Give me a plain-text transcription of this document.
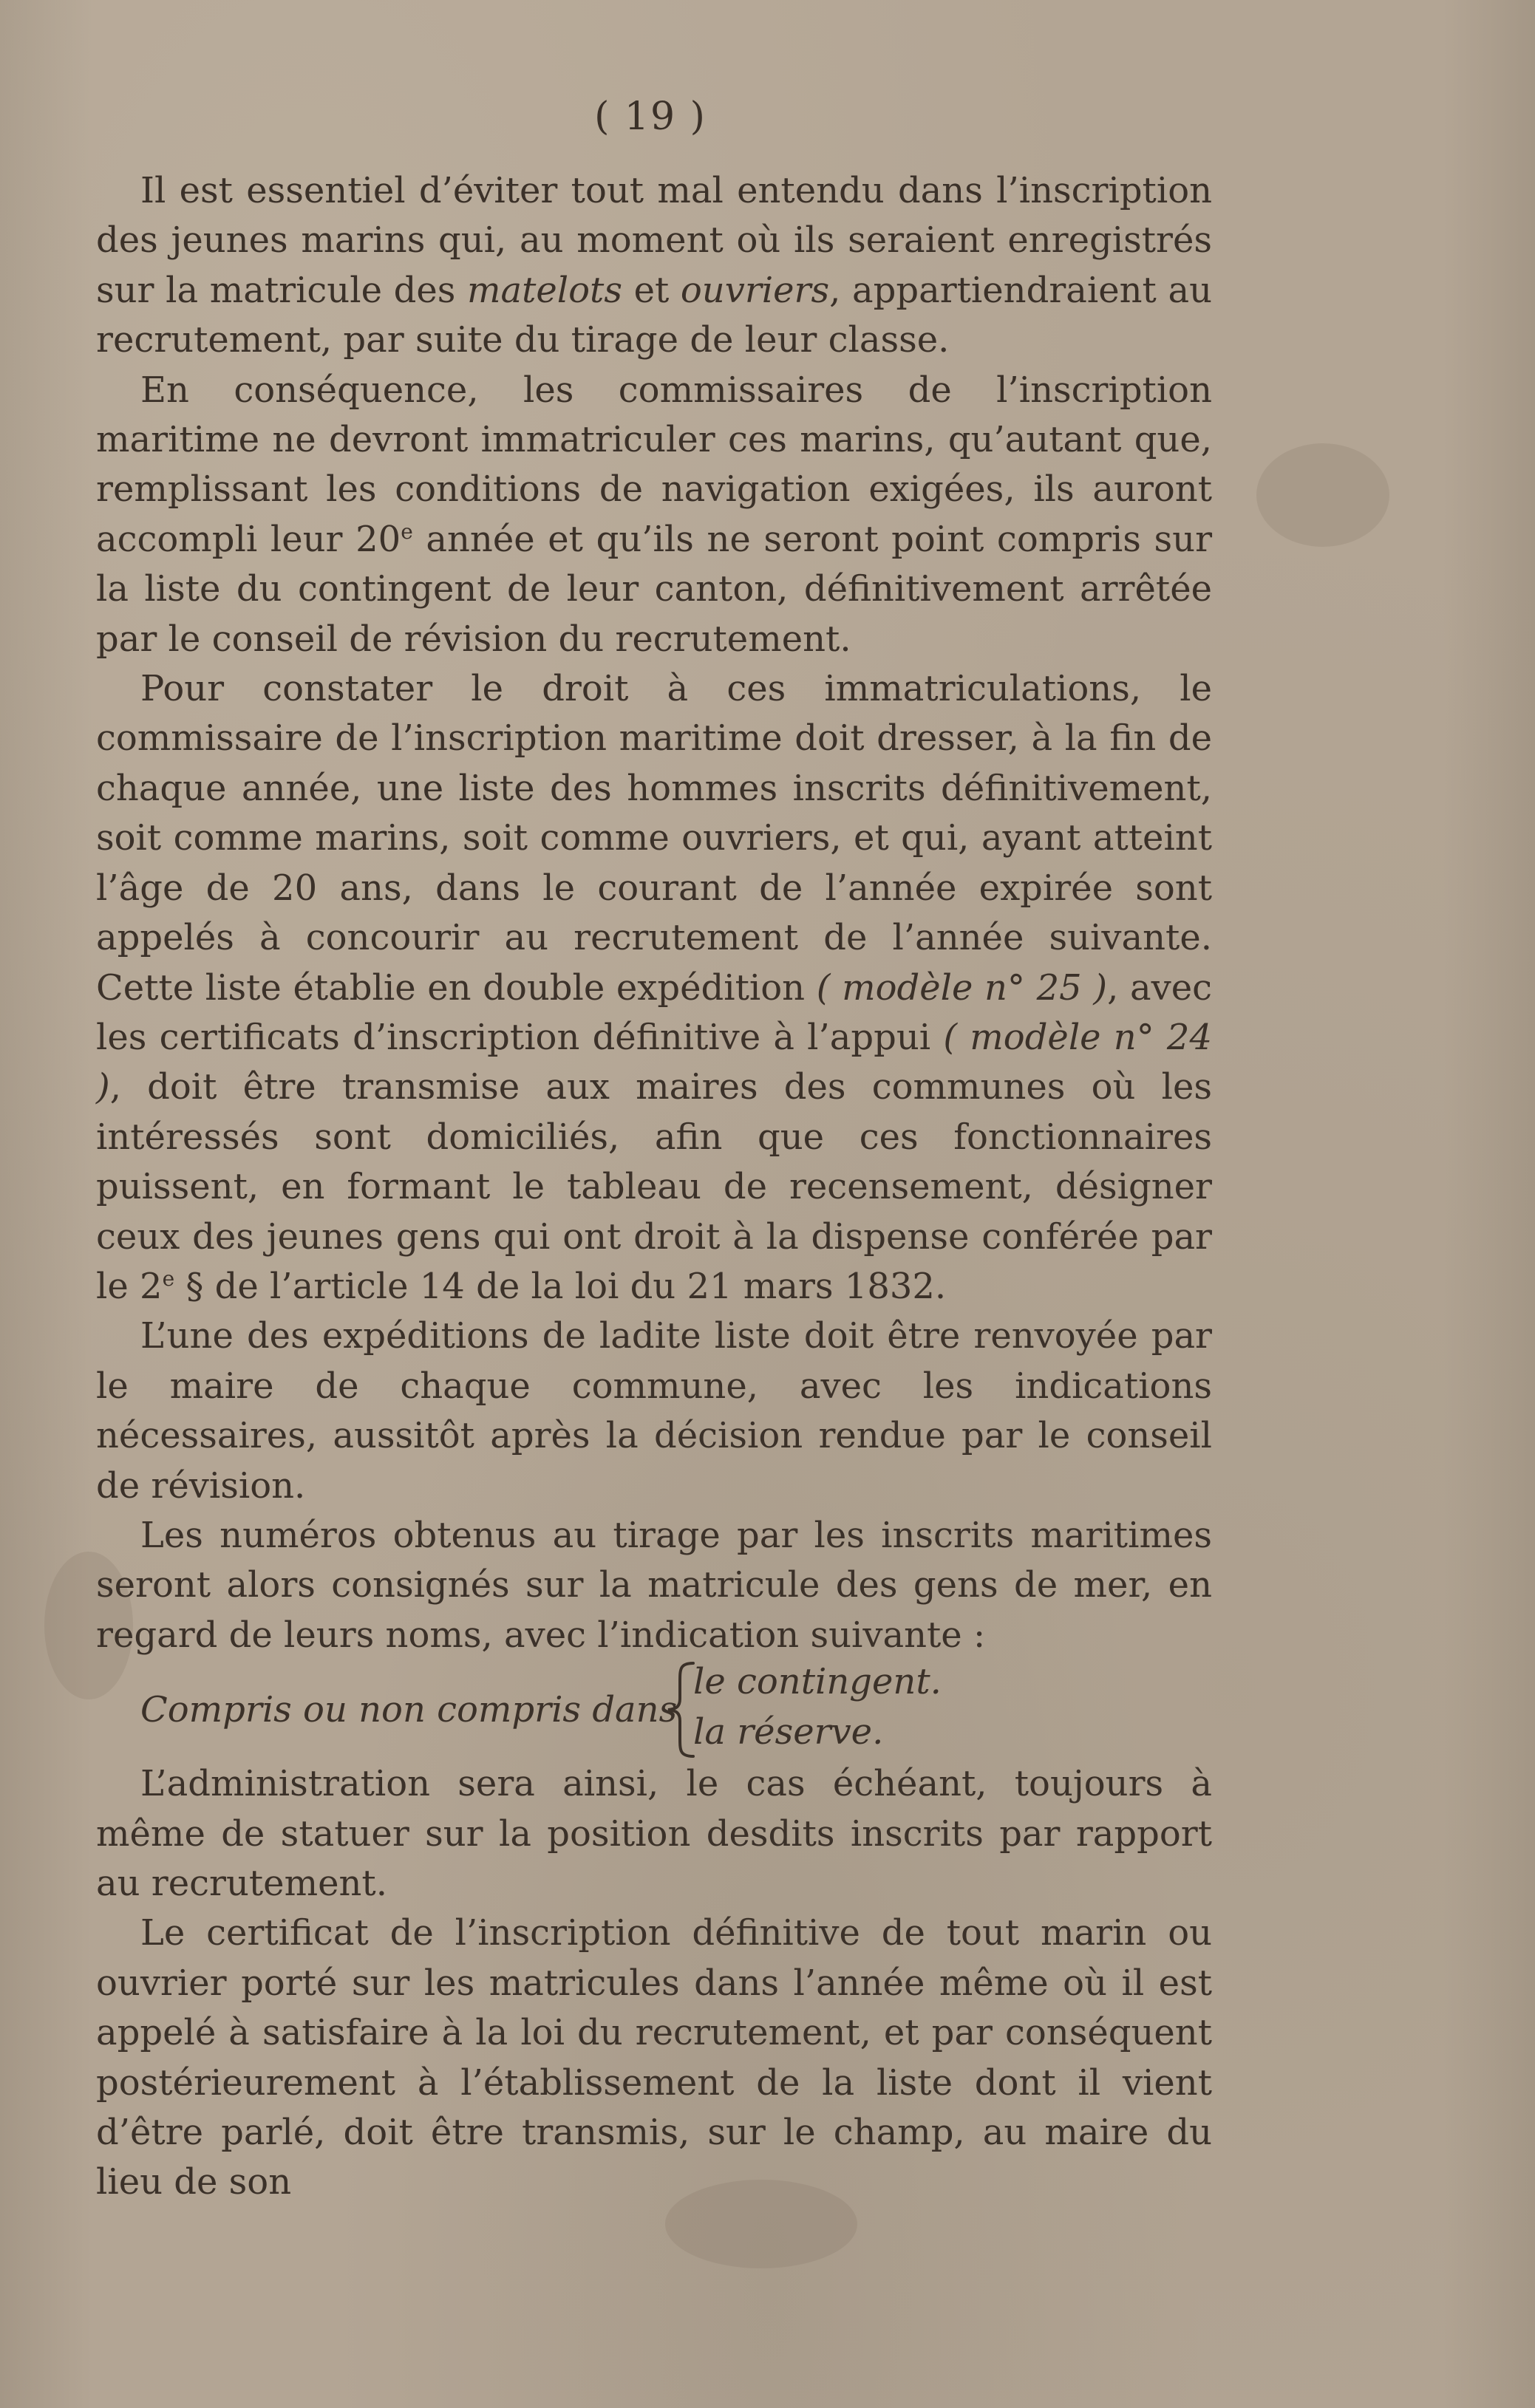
( 19 )

Il est essentiel d’éviter tout mal entendu dans l’inscription des jeunes marins qui, au moment où ils seraient enregistrés sur la matricule des matelots et ouvriers, appartiendraient au recrutement, par suite du tirage de leur classe.

En conséquence, les commissaires de l’inscription maritime ne devront immatriculer ces marins, qu’autant que, remplissant les conditions de navigation exigées, ils auront accompli leur 20e année et qu’ils ne seront point compris sur la liste du contingent de leur canton, définitivement arrêtée par le conseil de révision du recrutement.

Pour constater le droit à ces immatriculations, le commissaire de l’inscription maritime doit dresser, à la fin de chaque année, une liste des hommes inscrits définitivement, soit comme marins, soit comme ouvriers, et qui, ayant atteint l’âge de 20 ans, dans le courant de l’année expirée sont appelés à concourir au recrutement de l’année suivante. Cette liste établie en double expédition ( modèle n° 25 ), avec les certificats d’inscription définitive à l’appui ( modèle n° 24 ), doit être transmise aux maires des communes où les intéressés sont domiciliés, afin que ces fonctionnaires puissent, en formant le tableau de recensement, désigner ceux des jeunes gens qui ont droit à la dispense conférée par le 2e § de l’article 14 de la loi du 21 mars 1832.

L’une des expéditions de ladite liste doit être renvoyée par le maire de chaque commune, avec les indications nécessaires, aussitôt après la décision rendue par le conseil de révision.

Les numéros obtenus au tirage par les inscrits maritimes seront alors consignés sur la matricule des gens de mer, en regard de leurs noms, avec l’indication suivante :

Compris ou non compris dans
le contingent.
la réserve.

L’administration sera ainsi, le cas échéant, toujours à même de statuer sur la position desdits inscrits par rapport au recrutement.

Le certificat de l’inscription définitive de tout marin ou ouvrier porté sur les matricules dans l’année même où il est appelé à satisfaire à la loi du recrutement, et par conséquent postérieurement à l’établissement de la liste dont il vient d’être parlé, doit être transmis, sur le champ, au maire du lieu de son
